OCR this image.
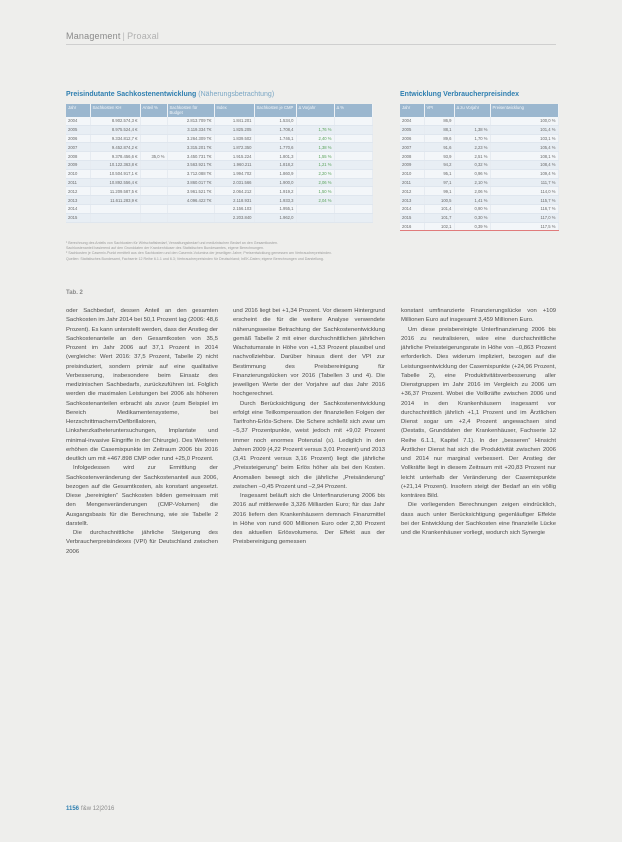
Management | Proaxal
Preisindutante Sachkostenentwicklung (Näherungsbetrachtung)
Jahr	Sachkosten KH	Anteil %	Sachkosten für Budget	Index	Sachkosten je CMP	Δ Vorjahr	Δ %
2004	8.902.574,3 €		2.813.709 T€	1.841.201	1.534,0		
2005	8.975.524,4 €		3.119.334 T€	1.825.205	1.708,4	1,76 %	
2006	9.334.812,7 €		3.264.309 T€	1.839.502	1.746,1	2,40 %	
2007	9.452.874,2 €		3.315.201 T€	1.872.350	1.770,6	1,38 %	
2008	9.378.456,6 €	35,0 %	3.450.731 T€	1.915.224	1.801,3	1,55 %	
2009	10.122.363,8 €		3.563.921 T€	1.960.211	1.818,2	1,21 %	
2010	10.504.917,1 €		3.712.088 T€	1.994.702	1.860,9	2,20 %	
2011	10.892.556,4 €		3.860.017 T€	2.031.566	1.900,0	2,06 %	
2012	11.209.587,5 €		3.961.521 T€	2.064.212	1.919,2	1,50 %	
2013	11.611.283,9 €		4.096.422 T€	2.118.931	1.933,3	2,04 %	
2014				2.156.103	1.955,1		
2015				2.203.840	1.962,0		
Entwicklung Verbraucherpreisindex
Jahr	VPI	Δ zu Vorjahr	Preisentwicklung
2004	86,9		100,0 %
2005	88,1	1,38 %	101,4 %
2006	89,6	1,70 %	103,1 %
2007	91,6	2,23 %	105,4 %
2008	93,9	2,51 %	108,1 %
2009	94,2	0,32 %	108,4 %
2010	95,1	0,96 %	109,4 %
2011	97,1	2,10 %	111,7 %
2012	99,1	2,06 %	114,0 %
2013	100,5	1,41 %	115,7 %
2014	101,4	0,90 %	116,7 %
2015	101,7	0,30 %	117,0 %
2016	102,1	0,39 %	117,5 %
¹ Berechnung des Anteils von Sachkosten für Wirtschaftsbedarf, Verwaltungsbedarf und medizinischen Bedarf an den Gesamtkosten.
Sachkostenanteil basierend auf den Grunddaten der Krankenhäuser des Statistischen Bundesamtes, eigene Berechnungen.
² Sachkosten je Casemix-Punkt ermittelt aus den Sachkosten und den Casemix-Volumina der jeweiligen Jahre; Preisentwicklung gemessen am Verbraucherpreisindex.
Quellen: Statistisches Bundesamt, Fachserie 12 Reihe 6.1.1 und 6.3; Verbraucherpreisindex für Deutschland; InEK-Daten; eigene Berechnungen und Darstellung.
Tab. 2

oder Sachbedarf, dessen Anteil an den gesamten Sachkosten im Jahr 2014 bei 50,1 Prozent lag (2006: 48,6 Prozent). Es kann unterstellt werden, dass der Anstieg der Sachkostenanteile an den Gesamtkosten von 35,5 Prozent im Jahr 2006 auf 37,1 Prozent in 2014 (vergleiche: Wert 2016: 37,5 Prozent, Tabelle 2) nicht preisinduziert, sondern primär auf eine qualitative Verbesserung, insbesondere beim Einsatz des medizinischen Sachbedarfs, zurückzuführen ist. Folglich werden die maximalen Leistungen bei 2006 als höheren Sachkostenanteilen erbracht als zuvor (zum Beispiel im Bereich Medikamentensysteme, bei Herzschrittmachern/Defibrillatoren, Linksherzkatheteruntersuchungen, Implantate und minimal-invasive Eingriffe in der Chirurgie). Des Weiteren erhöhen die Casemixpunkte im Zeitraum 2006 bis 2016 deutlich um mit +467.898 CMP oder rund +25,0 Prozent.

Infolgedessen wird zur Ermittlung der Sachkostenveränderung der Sachkostenanteil aus 2006, bezogen auf die Gesamtkosten, als konstant angesetzt. Diese „bereinigten“ Sachkosten bilden gemeinsam mit den Mengenveränderungen (CMP-Volumen) die Ausgangsbasis für die Berechnung, wie sie Tabelle 2 darstellt.

Die durchschnittliche jährliche Steigerung des Verbraucherpreisindexes (VPI) für Deutschland zwischen 2006

und 2016 liegt bei +1,34 Prozent. Vor diesem Hintergrund erscheint die für die weitere Analyse verwendete näherungsweise Betrachtung der Sachkostenentwicklung gemäß Tabelle 2 mit einer durchschnittlichen jährlichen Wachstumsrate in Höhe von +1,53 Prozent plausibel und nachvollziehbar. Darüber hinaus dient der VPI zur Bestimmung des Preisbereinigung für Finanzierungslücken vor 2016 (Tabellen 3 und 4). Die jeweiligen Werte der der Vorjahre auf das Jahr 2016 hochgerechnet.

Durch Berücksichtigung der Sachkostenentwicklung erfolgt eine Teilkompensation der finanziellen Folgen der Tarifrohn-Erlös-Schere. Die Schere schließt sich zwar um –5,37 Prozentpunkte, weist jedoch mit +9,02 Prozent immer noch enormes Potenzial (s). Lediglich in den Jahren 2009 (4,22 Prozent versus 3,01 Prozent) und 2013 (3,41 Prozent versus 3,16 Prozent) liegt die jährliche „Preissteigerung“ beim Erlös höher als bei den Kosten. Anomalien bewegt sich die jährliche „Preisänderung“ zwischen –0,45 Prozent und –2,94 Prozent.

Insgesamt beläuft sich die Unterfinanzierung 2006 bis 2016 auf mittlerweile 3,326 Milliarden Euro; für das Jahr 2016 liefern den Krankenhäusern demnach Finanzmittel in Höhe von rund 600 Millionen Euro oder 2,30 Prozent des aktuellen Erlösvolumens. Der Effekt aus der Preisbereinigung gemessen

konstant umfinanzierte Finanzierungslücke von +109 Millionen Euro auf insgesamt 3,459 Millionen Euro.

Um diese preisbereinigte Unterfinanzierung 2006 bis 2016 zu neutralisieren, wäre eine durchschnittliche jährliche Preissteigerungsrate in Höhe von –0,863 Prozent erforderlich. Dies widerum impliziert, bezogen auf die Leistungsentwicklung der Casemixpunkte (+24,96 Prozent, Tabelle 2), eine Produktivitätsverbesserung aller Dienstgruppen im Jahr 2016 im Vergleich zu 2006 um +36,37 Prozent. Wobei die Vollkräfte zwischen 2006 und 2014 in den Krankenhäusern insgesamt vor durchschnittlich jährlich +1,1 Prozent und im Ärztlichen Dienst sogar um +2,4 Prozent angewachsen sind (Destatis, Grunddaten der Krankenhäuser, Fachserie 12 Reihe 6.1.1, Kapitel 7.1). In der „besseren“ Hinsicht Ärztlicher Dienst hat sich die Produktivität zwischen 2006 und 2014 nur marginal verbessert. Der Anstieg der Vollkräfte liegt in diesem Zeitraum mit +20,83 Prozent nur leicht unterhalb der Veränderung der Casemixpunkte (+21,14 Prozent). Insofern steigt der Bedarf an ein völlig konträres Bild.

Die vorliegenden Berechnungen zeigen eindrücklich, dass auch unter Berücksichtigung gegenläufiger Effekte bei der Entwicklung der Sachkosten eine finanzielle Lücke und die Krankenhäuser vorliegt, wodurch sich Synergie

1156 f&w 12|2016
